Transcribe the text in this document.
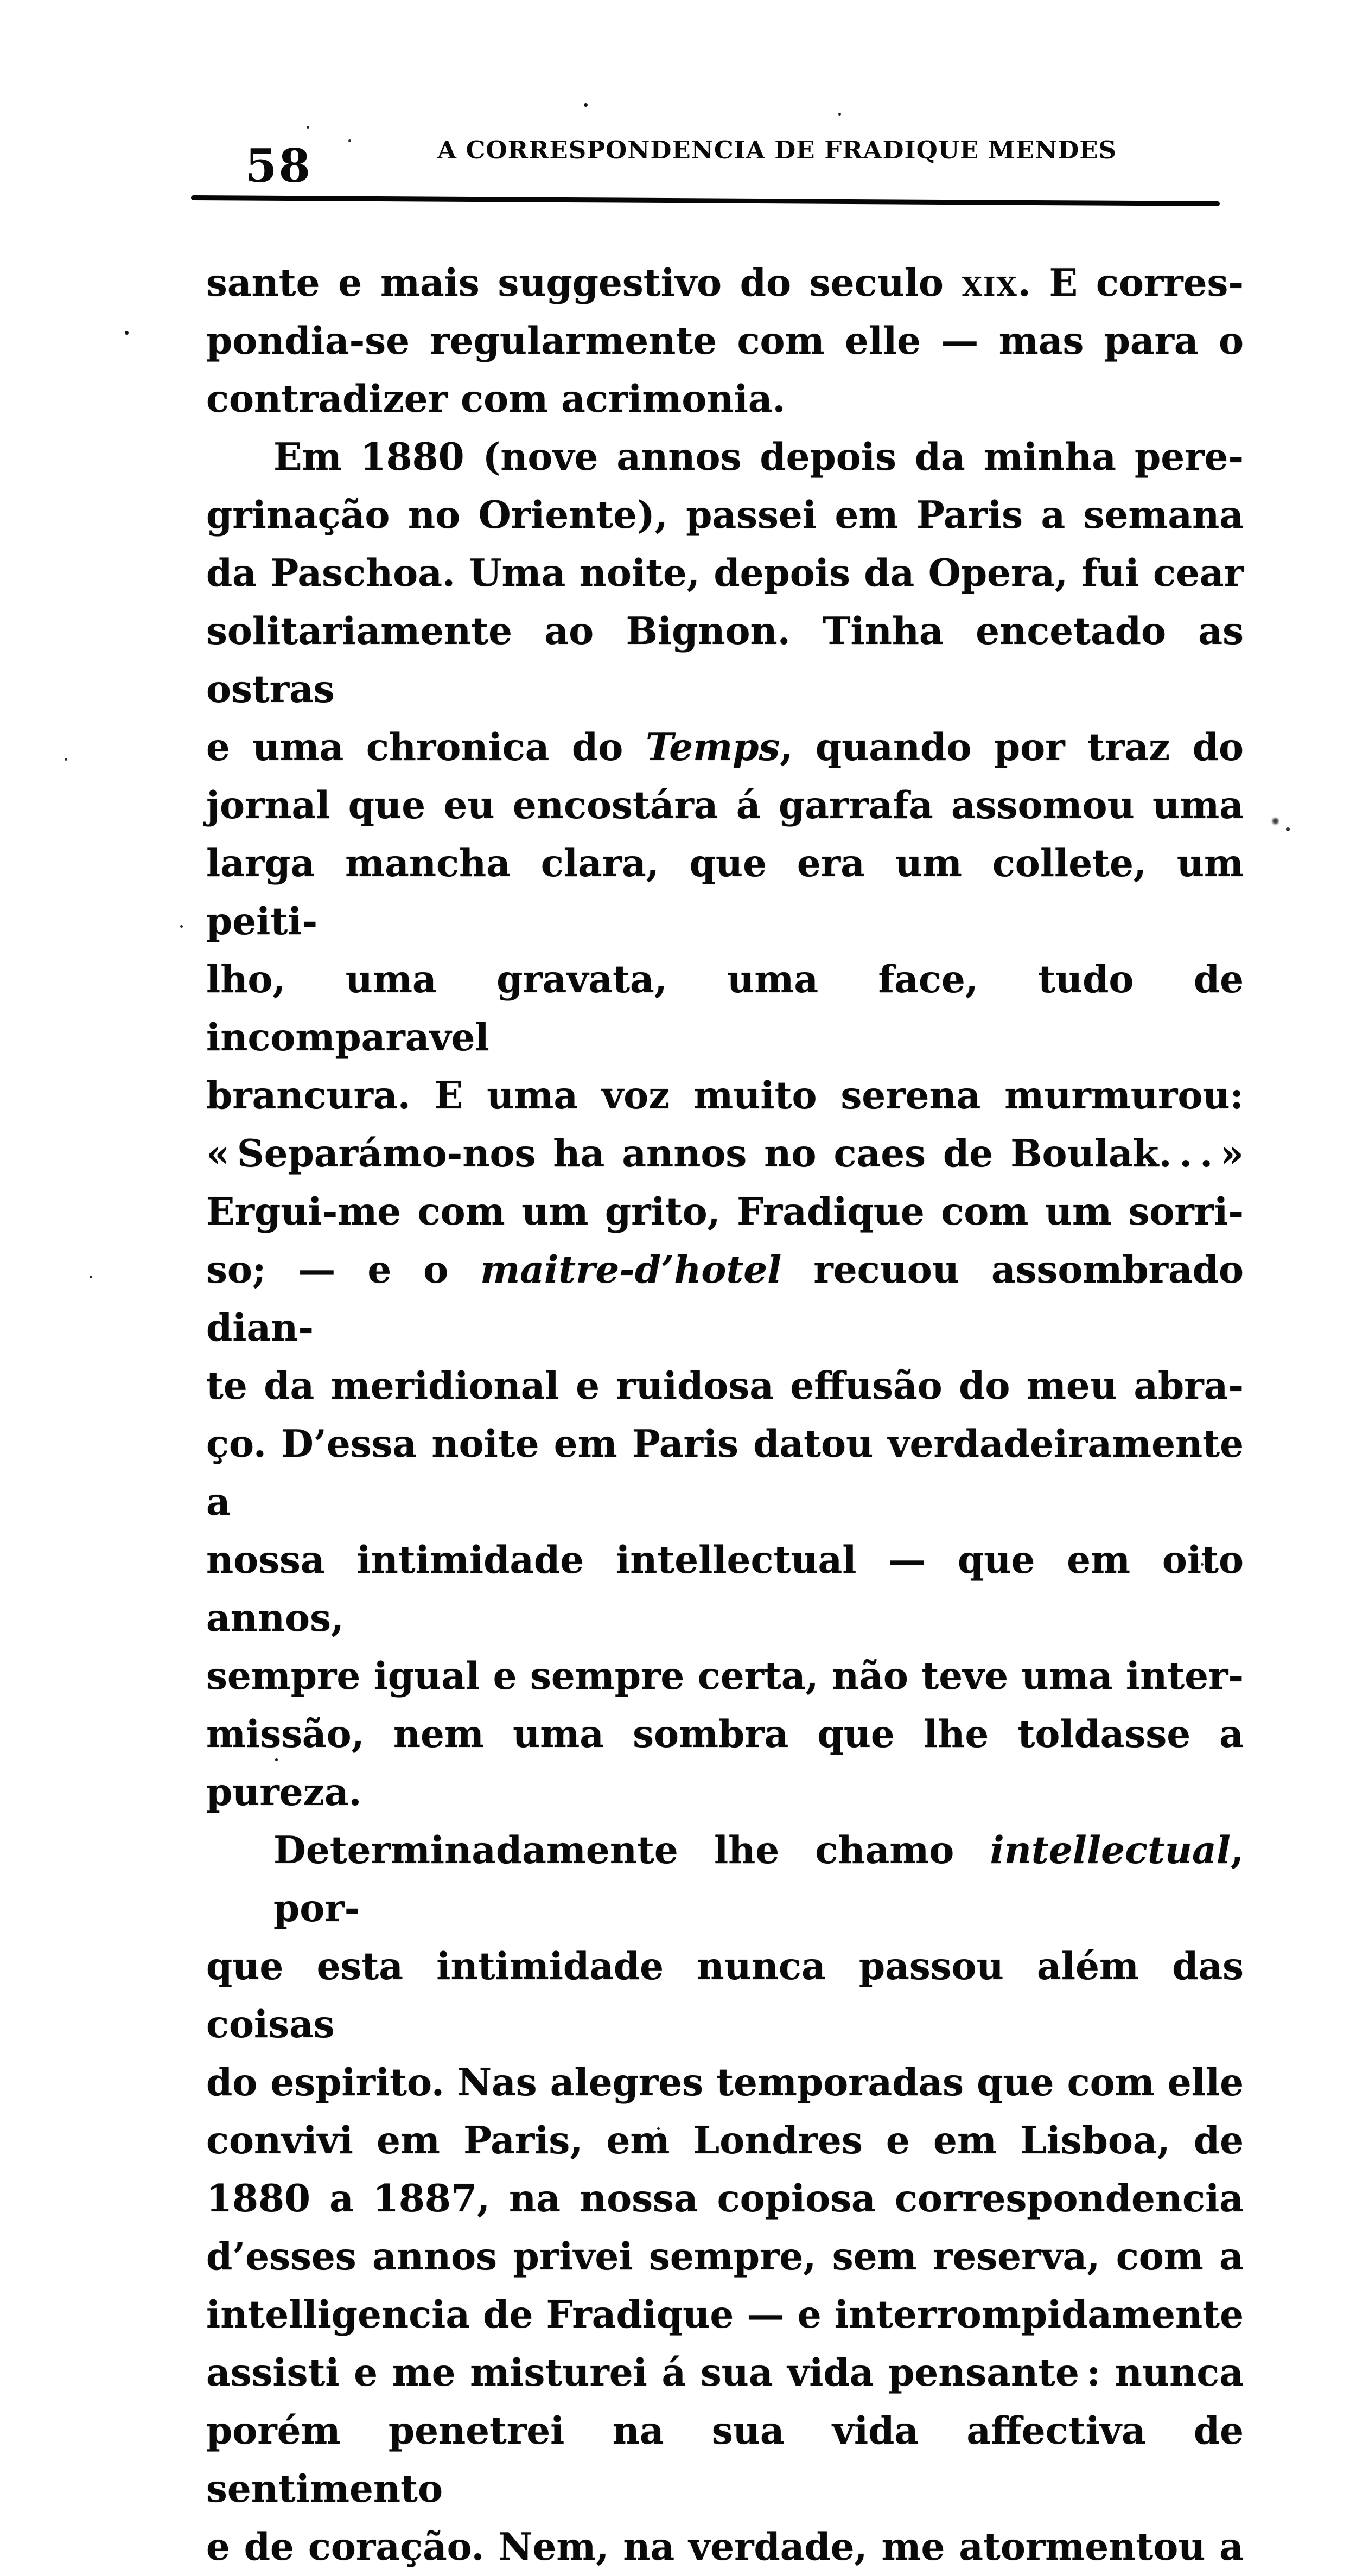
58	A CORRESPONDENCIA DE FRADIQUE MENDES
sante e mais suggestivo do seculo xix. E corres-
pondia-se regularmente com elle — mas para o
contradizer com acrimonia.
Em 1880 (nove annos depois da minha pere-
grinação no Oriente), passei em Paris a semana
da Paschoa. Uma noite, depois da Opera, fui cear
solitariamente ao Bignon. Tinha encetado as ostras
e uma chronica do Temps, quando por traz do
jornal que eu encostára á garrafa assomou uma
larga mancha clara, que era um collete, um peiti-
lho, uma gravata, uma face, tudo de incomparavel
brancura. E uma voz muito serena murmurou:
« Separámo-nos ha annos no caes de Boulak. . . »
Ergui-me com um grito, Fradique com um sorri-
so; — e o maitre-d’hotel recuou assombrado dian-
te da meridional e ruidosa effusão do meu abra-
ço. D’essa noite em Paris datou verdadeiramente a
nossa intimidade intellectual — que em oito annos,
sempre igual e sempre certa, não teve uma inter-
missão, nem uma sombra que lhe toldasse a pureza.
Determinadamente lhe chamo intellectual, por-
que esta intimidade nunca passou além das coisas
do espirito. Nas alegres temporadas que com elle
convivi em Paris, em Londres e em Lisboa, de
1880 a 1887, na nossa copiosa correspondencia
d’esses annos privei sempre, sem reserva, com a
intelligencia de Fradique — e interrompidamente
assisti e me misturei á sua vida pensante : nunca
porém penetrei na sua vida affectiva de sentimento
e de coração. Nem, na verdade, me atormentou a
